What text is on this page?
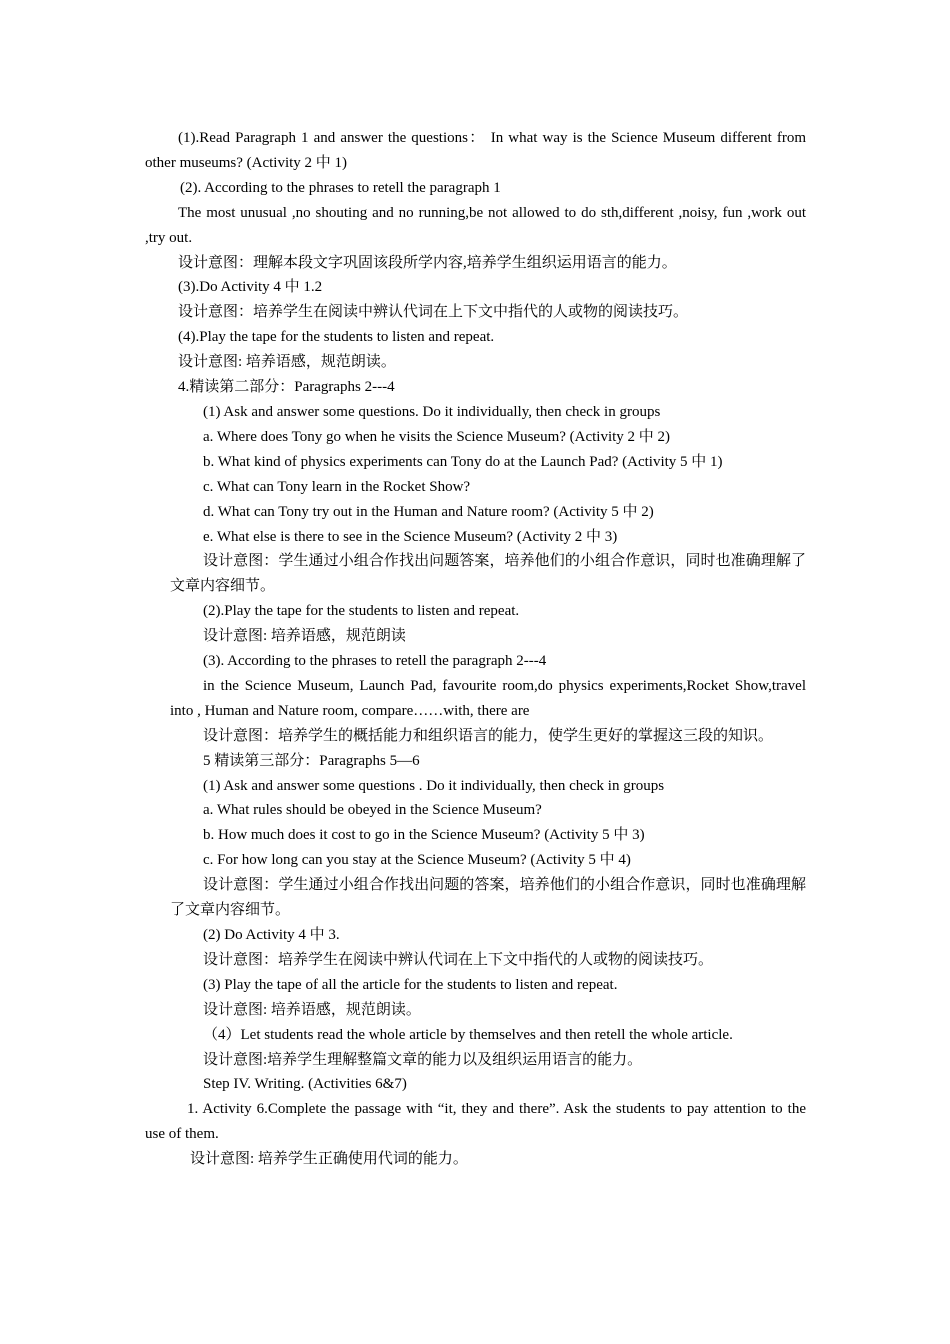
(1).Read Paragraph 1 and answer the questions： In what way is the Science Museum different from other museums? (Activity 2 中 1)

(2). According to the phrases to retell the paragraph 1

The most unusual ,no shouting and no running,be not allowed to do sth,different ,noisy, fun ,work out ,try out.

设计意图：理解本段文字巩固该段所学内容,培养学生组织运用语言的能力。

(3).Do Activity 4 中 1.2

设计意图：培养学生在阅读中辨认代词在上下文中指代的人或物的阅读技巧。

(4).Play the tape for the students to listen and repeat.

设计意图: 培养语感，规范朗读。

4.精读第二部分：Paragraphs 2---4

(1) Ask and answer some questions. Do it individually, then check in groups

a. Where does Tony go when he visits the Science Museum? (Activity 2 中 2)

b. What kind of physics experiments can Tony do at the Launch Pad? (Activity 5 中 1)

c. What can Tony learn in the Rocket Show?

d. What can Tony try out in the Human and Nature room? (Activity 5 中 2)

e. What else is there to see in the Science Museum? (Activity 2 中 3)

设计意图：学生通过小组合作找出问题答案，培养他们的小组合作意识，同时也准确理解了文章内容细节。

(2).Play the tape for the students to listen and repeat.

设计意图: 培养语感，规范朗读

(3). According to the phrases to retell the paragraph 2---4

in the Science Museum, Launch Pad, favourite room,do physics experiments,Rocket Show,travel into , Human and Nature room, compare……with, there are

设计意图：培养学生的概括能力和组织语言的能力，使学生更好的掌握这三段的知识。

5 精读第三部分：Paragraphs 5—6

(1) Ask and answer some questions . Do it individually, then check in groups

a. What rules should be obeyed in the Science Museum?

b. How much does it cost to go in the Science Museum? (Activity 5 中 3)

c. For how long can you stay at the Science Museum? (Activity 5 中 4)

设计意图：学生通过小组合作找出问题的答案，培养他们的小组合作意识，同时也准确理解了文章内容细节。

(2) Do Activity 4 中 3.

设计意图：培养学生在阅读中辨认代词在上下文中指代的人或物的阅读技巧。

(3) Play the tape of all the article for the students to listen and repeat.

设计意图: 培养语感，规范朗读。

（4）Let students read the whole article by themselves and then retell the whole article.

设计意图:培养学生理解整篇文章的能力以及组织运用语言的能力。

Step IV. Writing. (Activities 6&7)

1. Activity 6.Complete the passage with “it, they and there”. Ask the students to pay attention to the use of them.

设计意图: 培养学生正确使用代词的能力。
